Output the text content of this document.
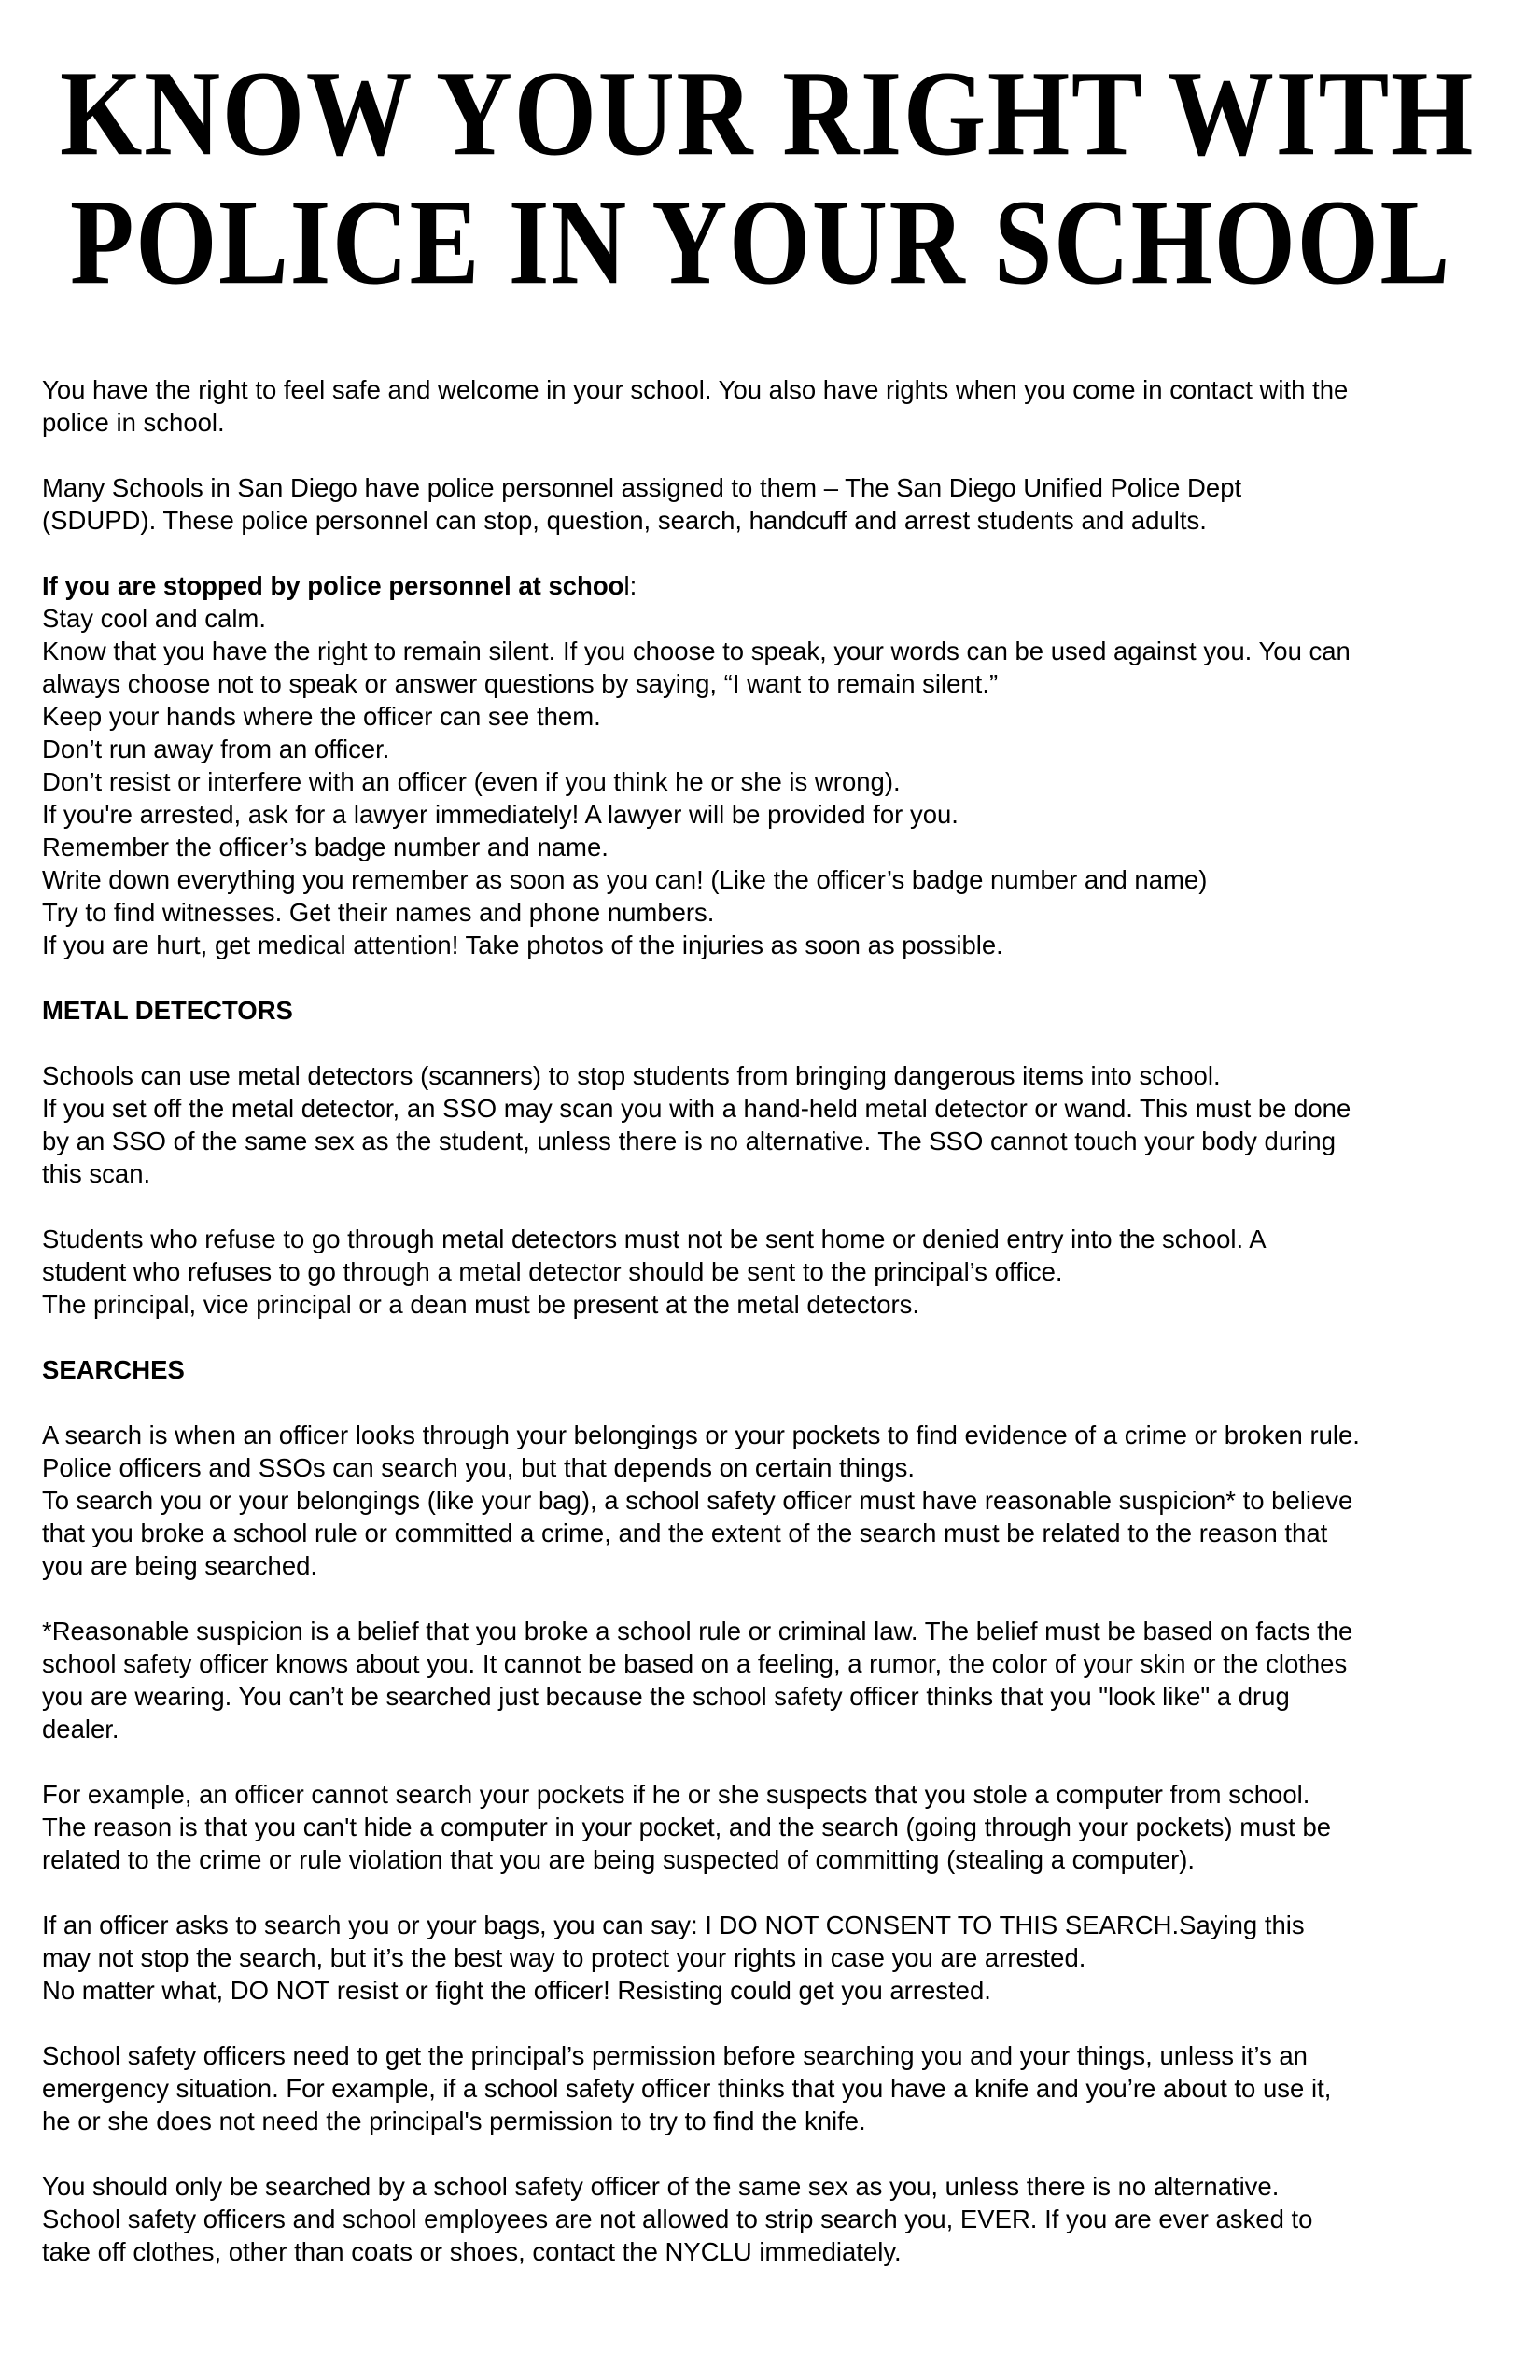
KNOW YOUR RIGHT WITH
POLICE IN YOUR SCHOOL
You have the right to feel safe and welcome in your school. You also have rights when you come in contact with the
police in school.
Many Schools in San Diego have police personnel assigned to them – The San Diego Unified Police Dept
(SDUPD). These police personnel can stop, question, search, handcuff and arrest students and adults.
If you are stopped by police personnel at school:
Stay cool and calm.
Know that you have the right to remain silent. If you choose to speak, your words can be used against you. You can
always choose not to speak or answer questions by saying, “I want to remain silent.”
Keep your hands where the officer can see them.
Don’t run away from an officer.
Don’t resist or interfere with an officer (even if you think he or she is wrong).
If you're arrested, ask for a lawyer immediately! A lawyer will be provided for you.
Remember the officer’s badge number and name.
Write down everything you remember as soon as you can! (Like the officer’s badge number and name)
Try to find witnesses. Get their names and phone numbers.
If you are hurt, get medical attention! Take photos of the injuries as soon as possible.
METAL DETECTORS
Schools can use metal detectors (scanners) to stop students from bringing dangerous items into school.
If you set off the metal detector, an SSO may scan you with a hand-held metal detector or wand. This must be done
by an SSO of the same sex as the student, unless there is no alternative. The SSO cannot touch your body during
this scan.
Students who refuse to go through metal detectors must not be sent home or denied entry into the school. A
student who refuses to go through a metal detector should be sent to the principal’s office.
The principal, vice principal or a dean must be present at the metal detectors.
SEARCHES
A search is when an officer looks through your belongings or your pockets to find evidence of a crime or broken rule.
Police officers and SSOs can search you, but that depends on certain things.
To search you or your belongings (like your bag), a school safety officer must have reasonable suspicion* to believe
that you broke a school rule or committed a crime, and the extent of the search must be related to the reason that
you are being searched.
*Reasonable suspicion is a belief that you broke a school rule or criminal law. The belief must be based on facts the
school safety officer knows about you. It cannot be based on a feeling, a rumor, the color of your skin or the clothes
you are wearing. You can’t be searched just because the school safety officer thinks that you "look like" a drug
dealer.
For example, an officer cannot search your pockets if he or she suspects that you stole a computer from school.
The reason is that you can't hide a computer in your pocket, and the search (going through your pockets) must be
related to the crime or rule violation that you are being suspected of committing (stealing a computer).
If an officer asks to search you or your bags, you can say: I DO NOT CONSENT TO THIS SEARCH.Saying this
may not stop the search, but it’s the best way to protect your rights in case you are arrested.
No matter what, DO NOT resist or fight the officer! Resisting could get you arrested.
School safety officers need to get the principal’s permission before searching you and your things, unless it’s an
emergency situation. For example, if a school safety officer thinks that you have a knife and you’re about to use it,
he or she does not need the principal's permission to try to find the knife.
You should only be searched by a school safety officer of the same sex as you, unless there is no alternative.
School safety officers and school employees are not allowed to strip search you, EVER. If you are ever asked to
take off clothes, other than coats or shoes, contact the NYCLU immediately.
